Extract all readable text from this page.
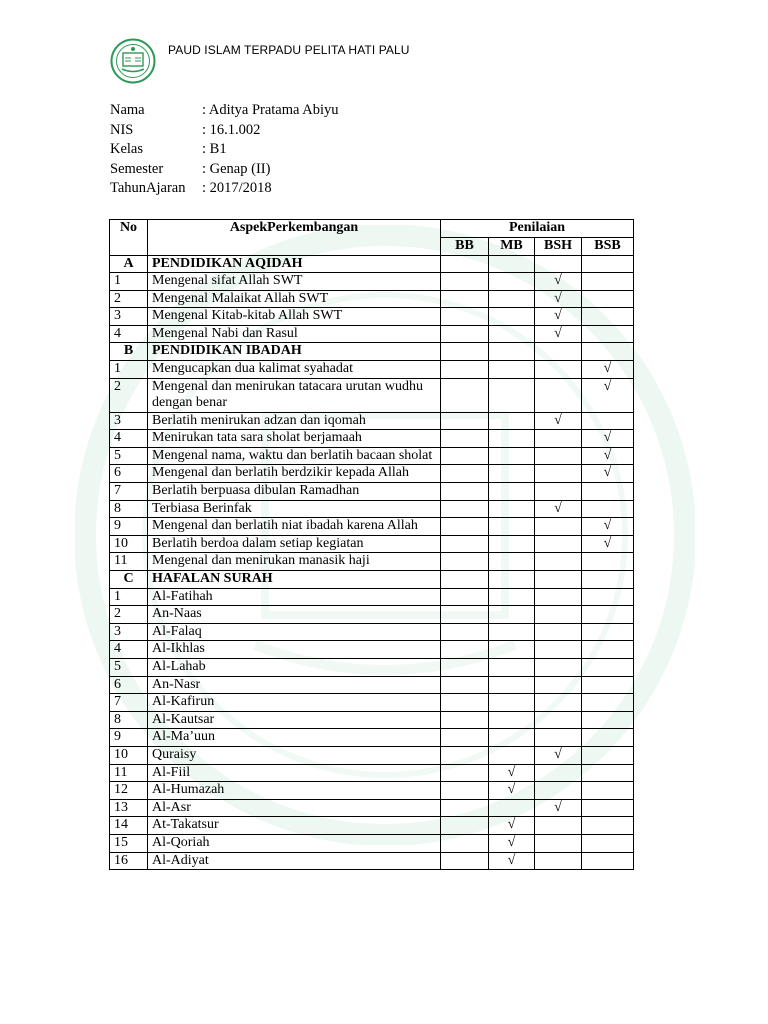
PAUD ISLAM TERPADU PELITA HATI PALU
Nama	: Aditya Pratama Abiyu
NIS	: 16.1.002
Kelas	: B1
Semester	: Genap (II)
TahunAjaran	: 2017/2018
No	AspekPerkembangan	Penilaian			
		BB	MB	BSH	BSB
A	PENDIDIKAN AQIDAH				
1	Mengenal sifat Allah SWT			√	
2	Mengenal Malaikat Allah SWT			√	
3	Mengenal Kitab-kitab Allah SWT			√	
4	Mengenal Nabi dan Rasul			√	
B	PENDIDIKAN IBADAH				
1	Mengucapkan dua kalimat syahadat				√
2	Mengenal dan menirukan tatacara urutan wudhu dengan benar				√
3	Berlatih menirukan adzan dan iqomah			√	
4	Menirukan tata sara sholat berjamaah				√
5	Mengenal nama, waktu dan berlatih bacaan sholat				√
6	Mengenal dan berlatih berdzikir kepada Allah				√
7	Berlatih berpuasa dibulan Ramadhan				
8	Terbiasa Berinfak			√	
9	Mengenal dan berlatih niat ibadah karena Allah				√
10	Berlatih berdoa dalam setiap kegiatan				√
11	Mengenal dan menirukan manasik haji				
C	HAFALAN SURAH				
1	Al-Fatihah				
2	An-Naas				
3	Al-Falaq				
4	Al-Ikhlas				
5	Al-Lahab				
6	An-Nasr				
7	Al-Kafirun				
8	Al-Kautsar				
9	Al-Ma’uun				
10	Quraisy			√	
11	Al-Fiil		√		
12	Al-Humazah		√		
13	Al-Asr			√	
14	At-Takatsur		√		
15	Al-Qoriah		√		
16	Al-Adiyat		√		
